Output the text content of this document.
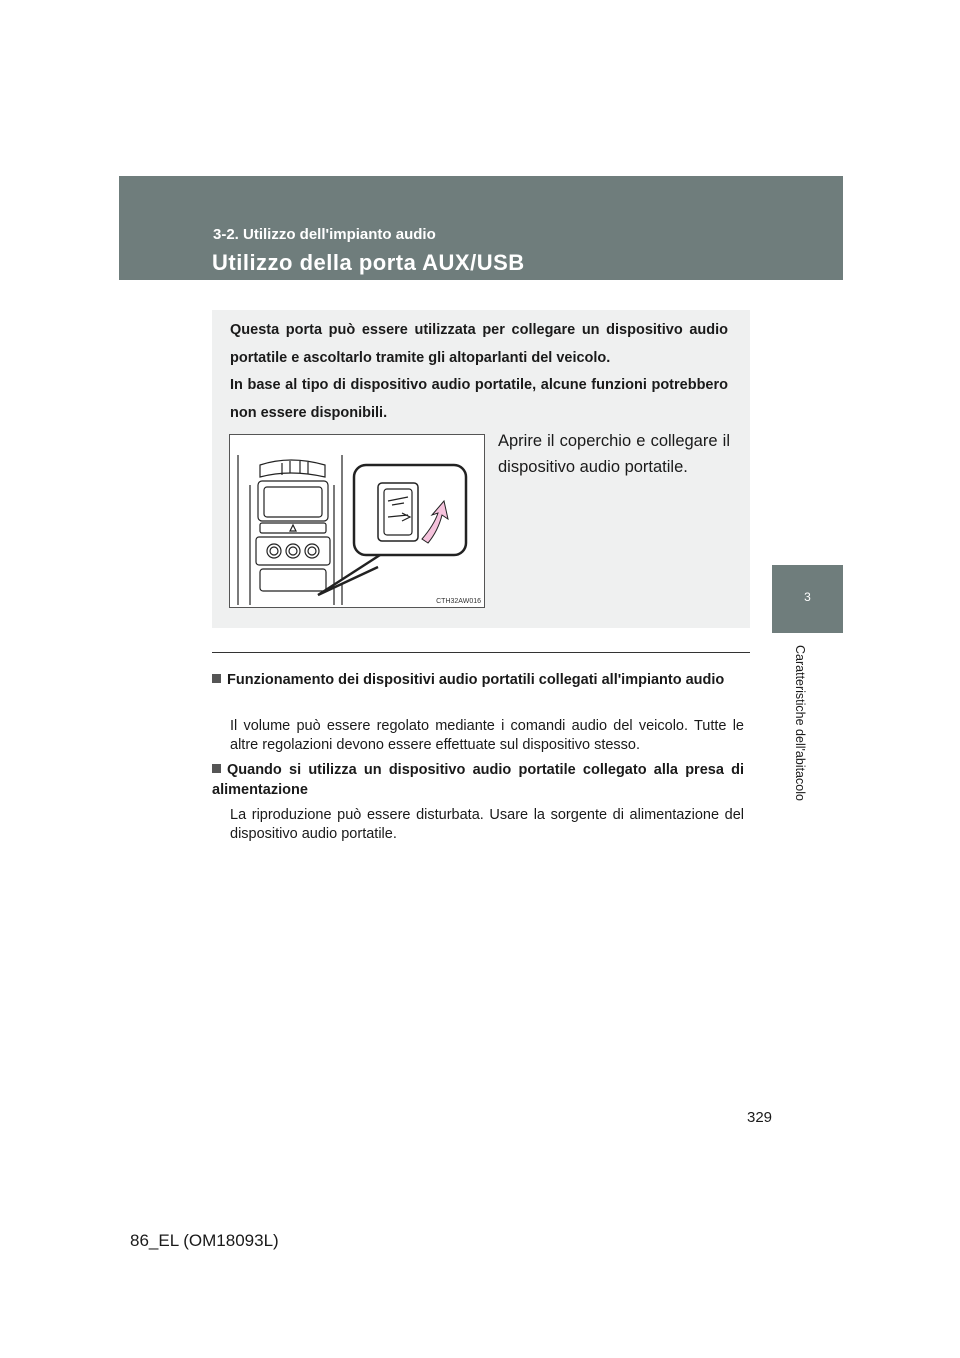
3-2. Utilizzo dell'impianto audio
Utilizzo della porta AUX/USB
3
Caratteristiche dell'abitacolo

Questa porta può essere utilizzata per collegare un dispositivo audio portatile e ascoltarlo tramite gli altoparlanti del veicolo.

In base al tipo di dispositivo audio portatile, alcune funzioni potrebbero non essere disponibili.

CTH32AW016
Aprire il coperchio e collegare il dispositivo audio portatile.
Funzionamento dei dispositivi audio portatili collegati all'impianto audio
Il volume può essere regolato mediante i comandi audio del veicolo. Tutte le altre regolazioni devono essere effettuate sul dispositivo stesso.
Quando si utilizza un dispositivo audio portatile collegato alla presa di alimentazione
La riproduzione può essere disturbata. Usare la sorgente di alimentazione del dispositivo audio portatile.
329
86_EL (OM18093L)
